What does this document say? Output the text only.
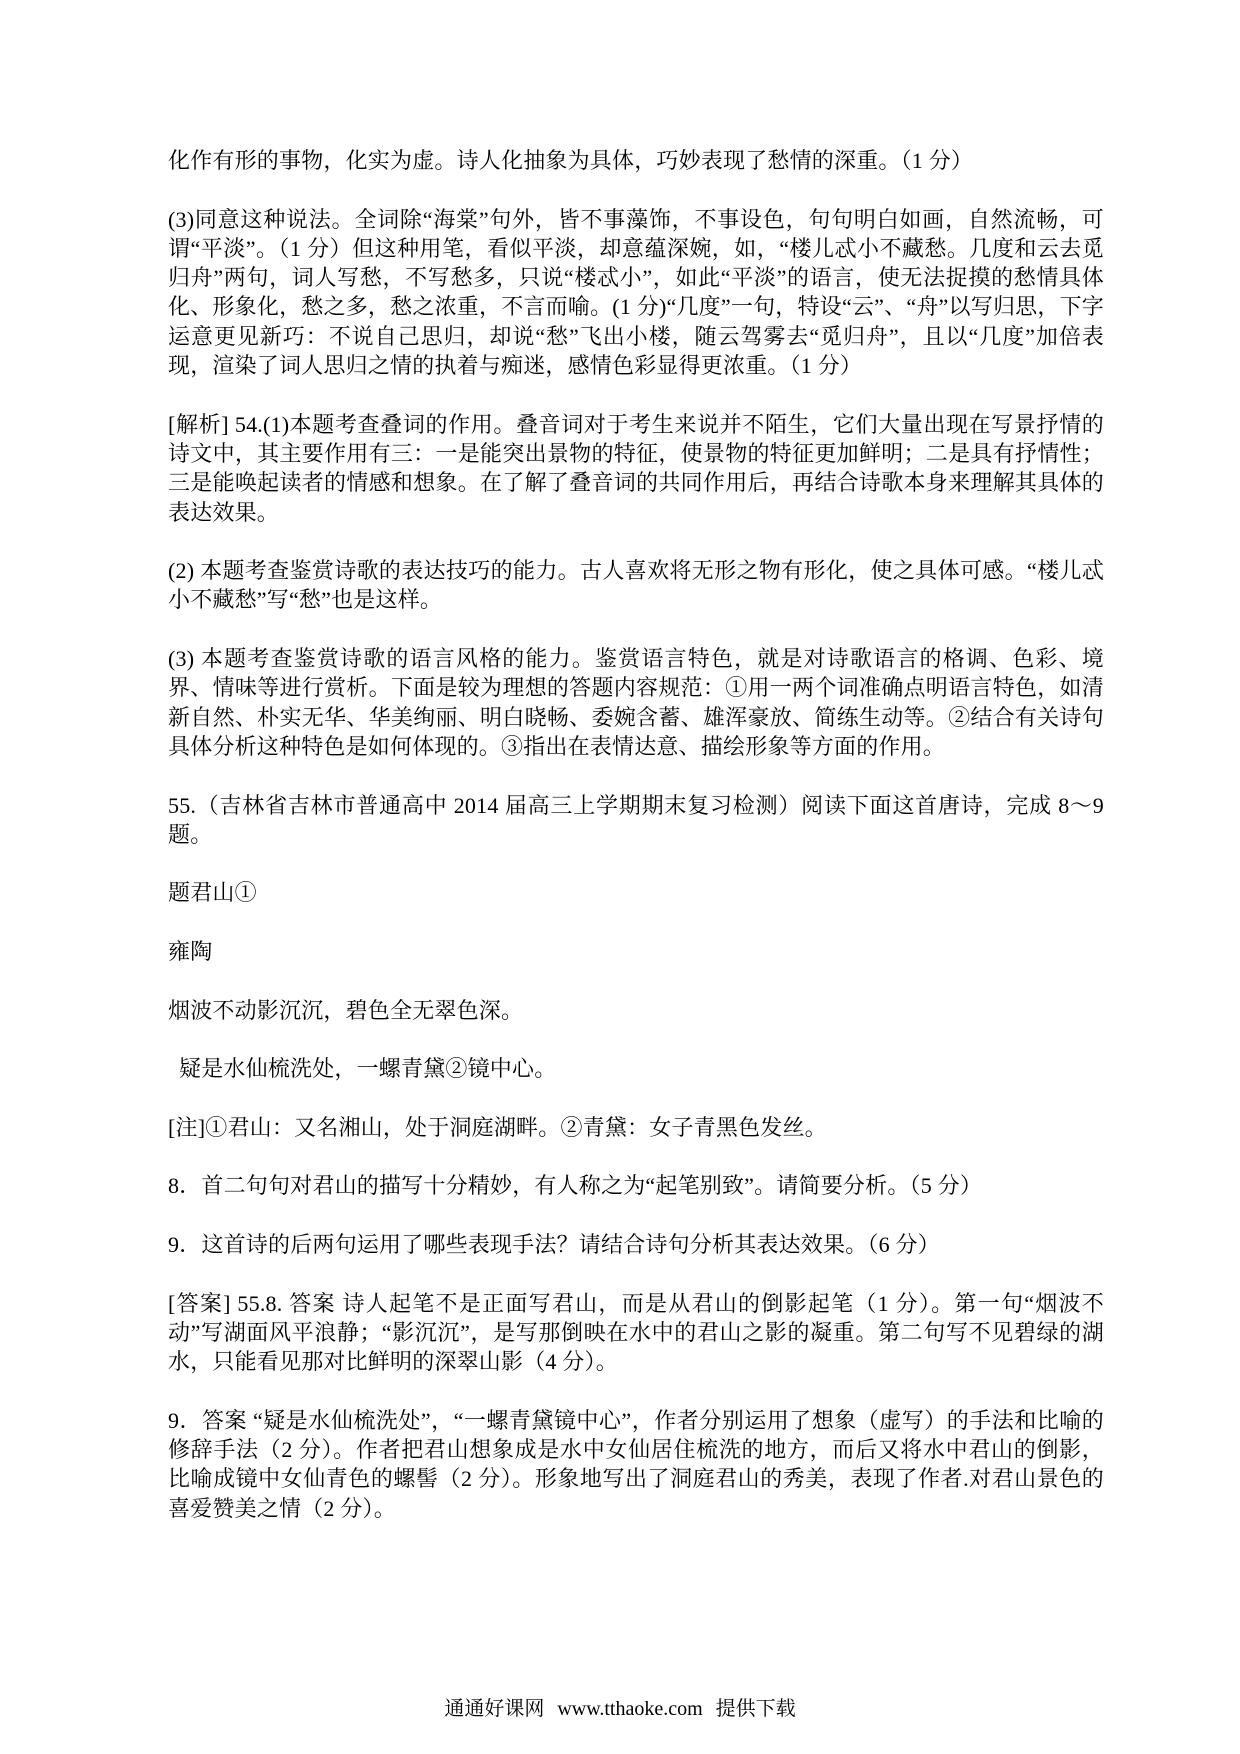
化作有形的事物，化实为虚。诗人化抽象为具体，巧妙表现了愁情的深重。（1 分）

(3)同意这种说法。全词除“海棠”句外，皆不事藻饰，不事设色，句句明白如画，自然流畅，可谓“平淡”。（1 分）但这种用笔，看似平淡，却意蕴深婉，如，“楼儿忒小不藏愁。几度和云去觅归舟”两句，词人写愁，不写愁多，只说“楼忒小”，如此“平淡”的语言，使无法捉摸的愁情具体化、形象化，愁之多，愁之浓重，不言而喻。(1 分)“几度”一句，特设“云”、“舟”以写归思，下字运意更见新巧：不说自己思归，却说“愁”飞出小楼，随云驾雾去“觅归舟”，且以“几度”加倍表现，渲染了词人思归之情的执着与痴迷，感情色彩显得更浓重。（1 分）

[解析] 54.(1)本题考查叠词的作用。叠音词对于考生来说并不陌生，它们大量出现在写景抒情的诗文中，其主要作用有三：一是能突出景物的特征，使景物的特征更加鲜明；二是具有抒情性；三是能唤起读者的情感和想象。在了解了叠音词的共同作用后，再结合诗歌本身来理解其具体的表达效果。

(2) 本题考查鉴赏诗歌的表达技巧的能力。古人喜欢将无形之物有形化，使之具体可感。“楼儿忒小不藏愁”写“愁”也是这样。

(3) 本题考查鉴赏诗歌的语言风格的能力。鉴赏语言特色，就是对诗歌语言的格调、色彩、境界、情味等进行赏析。下面是较为理想的答题内容规范：①用一两个词准确点明语言特色，如清新自然、朴实无华、华美绚丽、明白晓畅、委婉含蓄、雄浑豪放、简练生动等。②结合有关诗句具体分析这种特色是如何体现的。③指出在表情达意、描绘形象等方面的作用。

55.（吉林省吉林市普通高中 2014 届高三上学期期末复习检测）阅读下面这首唐诗，完成 8～9 题。

题君山①

雍陶

烟波不动影沉沉，碧色全无翠色深。

疑是水仙梳洗处，一螺青黛②镜中心。

[注]①君山：又名湘山，处于洞庭湖畔。②青黛：女子青黑色发丝。

8．首二句句对君山的描写十分精妙，有人称之为“起笔别致”。请简要分析。（5 分）

9．这首诗的后两句运用了哪些表现手法？请结合诗句分析其表达效果。（6 分）

[答案] 55.8. 答案 诗人起笔不是正面写君山，而是从君山的倒影起笔（1 分）。第一句“烟波不动”写湖面风平浪静；“影沉沉”，是写那倒映在水中的君山之影的凝重。第二句写不见碧绿的湖水，只能看见那对比鲜明的深翠山影（4 分）。

9．答案 “疑是水仙梳洗处”，“一螺青黛镜中心”，作者分别运用了想象（虚写）的手法和比喻的修辞手法（2 分）。作者把君山想象成是水中女仙居住梳洗的地方，而后又将水中君山的倒影，比喻成镜中女仙青色的螺髻（2 分）。形象地写出了洞庭君山的秀美，表现了作者.对君山景色的喜爱赞美之情（2 分）。

通通好课网 www.tthaoke.com 提供下载
